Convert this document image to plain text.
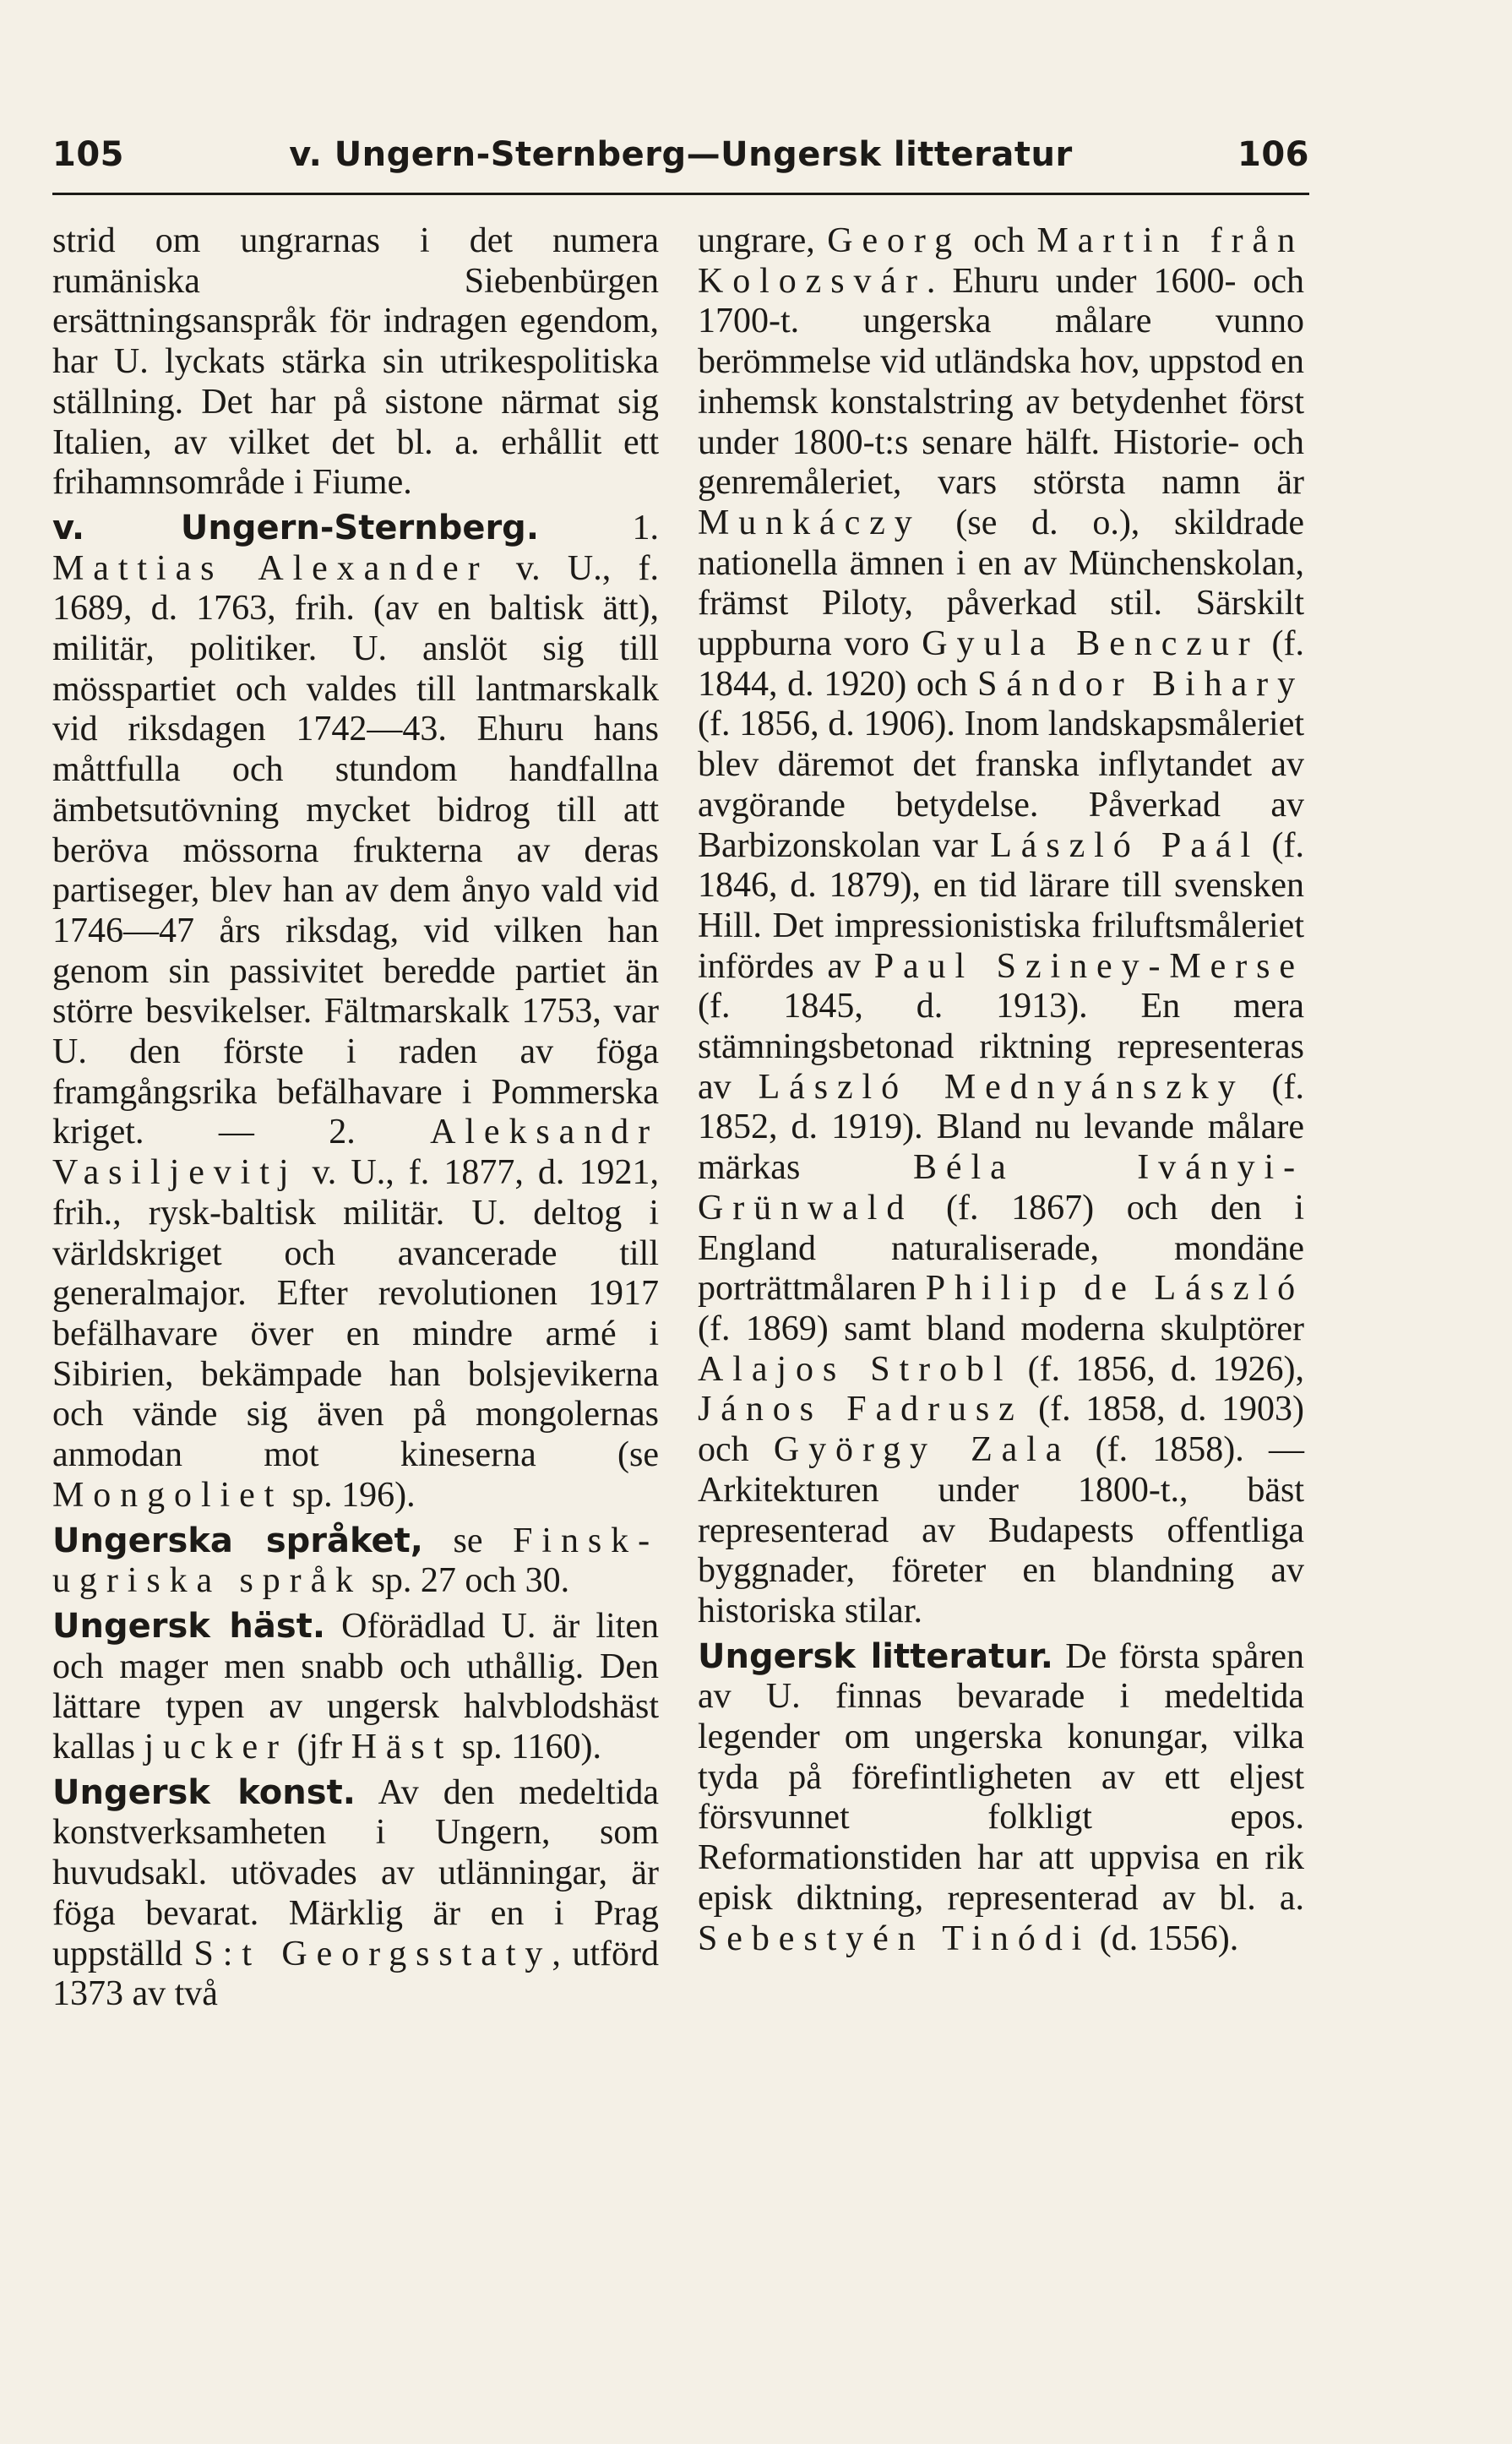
105	v. Ungern-Sternberg—Ungersk litteratur	106

strid om ungrarnas i det numera rumäniska Siebenbürgen ersättningsanspråk för indragen egendom, har U. lyckats stärka sin utrikespolitiska ställning. Det har på sistone närmat sig Italien, av vilket det bl. a. erhållit ett frihamnsområde i Fiume.

v. Ungern-Sternberg. 1. Mattias Alexander v. U., f. 1689, d. 1763, frih. (av en baltisk ätt), militär, politiker. U. anslöt sig till mösspartiet och valdes till lantmarskalk vid riksdagen 1742—43. Ehuru hans måttfulla och stundom handfallna ämbetsutövning mycket bidrog till att beröva mössorna frukterna av deras partiseger, blev han av dem ånyo vald vid 1746—47 års riksdag, vid vilken han genom sin passivitet beredde partiet än större besvikelser. Fältmarskalk 1753, var U. den förste i raden av föga framgångsrika befälhavare i Pommerska kriget. — 2. Aleksandr Vasiljevitj v. U., f. 1877, d. 1921, frih., rysk-baltisk militär. U. deltog i världskriget och avancerade till generalmajor. Efter revolutionen 1917 befälhavare över en mindre armé i Sibirien, bekämpade han bolsjevikerna och vände sig även på mongolernas anmodan mot kineserna (se Mongoliet sp. 196).

Ungerska språket, se Finsk-ugriska språk sp. 27 och 30.

Ungersk häst. Oförädlad U. är liten och mager men snabb och uthållig. Den lättare typen av ungersk halvblodshäst kallas jucker (jfr Häst sp. 1160).

Ungersk konst. Av den medeltida konstverksamheten i Ungern, som huvudsakl. utövades av utlänningar, är föga bevarat. Märklig är en i Prag uppställd S:t Georgsstaty, utförd 1373 av två

ungrare, Georg och Martin från Kolozsvár. Ehuru under 1600- och 1700-t. ungerska målare vunno berömmelse vid utländska hov, uppstod en inhemsk konstalstring av betydenhet först under 1800-t:s senare hälft. Historie- och genremåleriet, vars största namn är Munkáczy (se d. o.), skildrade nationella ämnen i en av Münchenskolan, främst Piloty, påverkad stil. Särskilt uppburna voro Gyula Benczur (f. 1844, d. 1920) och Sándor Bihary (f. 1856, d. 1906). Inom landskapsmåleriet blev däremot det franska inflytandet av avgörande betydelse. Påverkad av Barbizonskolan var László Paál (f. 1846, d. 1879), en tid lärare till svensken Hill. Det impressionistiska friluftsmåleriet infördes av Paul Sziney-Merse (f. 1845, d. 1913). En mera stämningsbetonad riktning representeras av László Mednyánszky (f. 1852, d. 1919). Bland nu levande målare märkas Béla Iványi-Grünwald (f. 1867) och den i England naturaliserade, mondäne porträttmålaren Philip de László (f. 1869) samt bland moderna skulptörer Alajos Strobl (f. 1856, d. 1926), János Fadrusz (f. 1858, d. 1903) och György Zala (f. 1858). — Arkitekturen under 1800-t., bäst representerad av Budapests offentliga byggnader, företer en blandning av historiska stilar.

Ungersk litteratur. De första spåren av U. finnas bevarade i medeltida legender om ungerska konungar, vilka tyda på förefintligheten av ett eljest försvunnet folkligt epos. Reformationstiden har att uppvisa en rik episk diktning, representerad av bl. a. Sebestyén Tinódi (d. 1556).
